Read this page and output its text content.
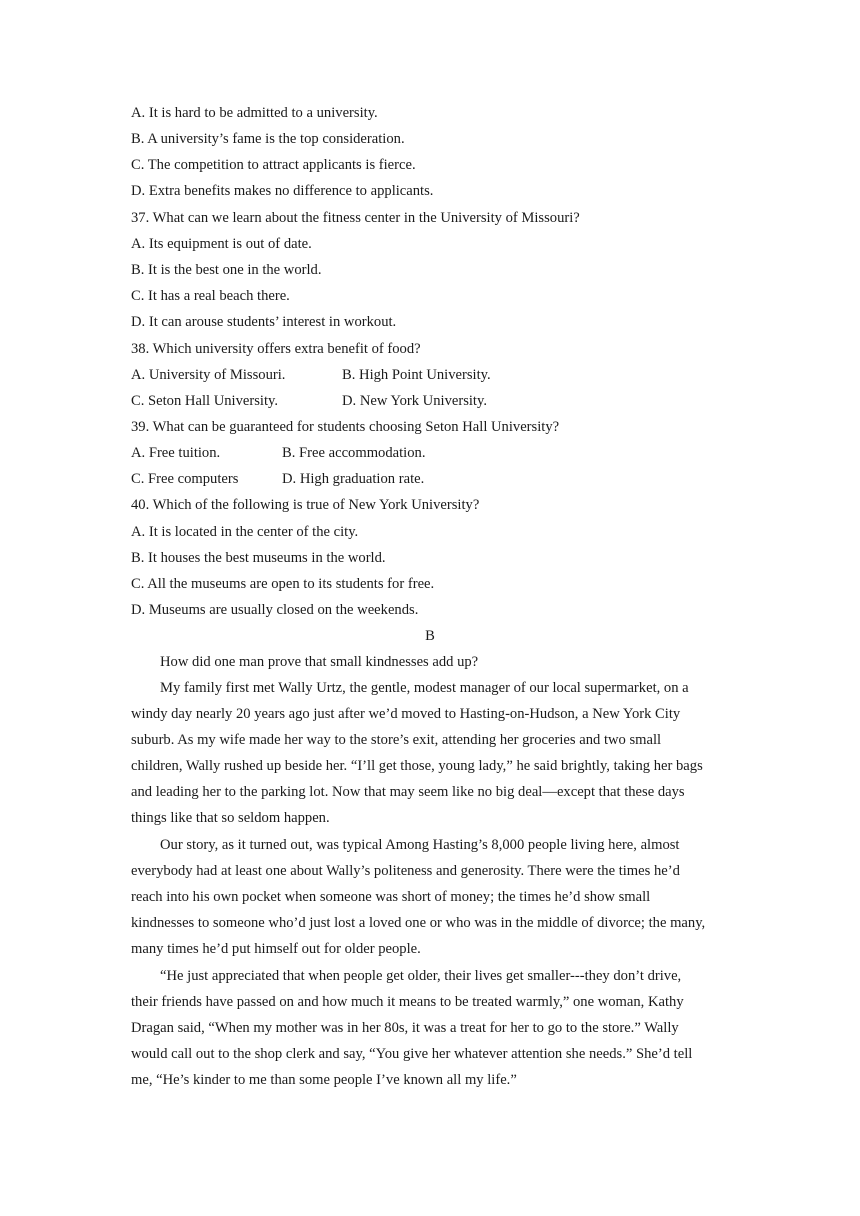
A. It is hard to be admitted to a university.
B. A university’s fame is the top consideration.
C. The competition to attract applicants is fierce.
D. Extra benefits makes no difference to applicants.
37. What can we learn about the fitness center in the University of Missouri?
A. Its equipment is out of date.
B. It is the best one in the world.
C. It has a real beach there.
D. It can arouse students’ interest in workout.
38. Which university offers extra benefit of food?
A. University of Missouri.	B. High Point University.
C. Seton Hall University.	D. New York University.
39. What can be guaranteed for students choosing Seton Hall University?
A. Free tuition.	B. Free accommodation.
C. Free computers	D. High graduation rate.
40. Which of the following is true of New York University?
A. It is located in the center of the city.
B. It houses the best museums in the world.
C. All the museums are open to its students for free.
D. Museums are usually closed on the weekends.
B
How did one man prove that small kindnesses add up?
My family first met Wally Urtz, the gentle, modest manager of our local supermarket, on a
windy day nearly 20 years ago just after we’d moved to Hasting-on-Hudson, a New York City
suburb. As my wife made her way to the store’s exit, attending her groceries and two small
children, Wally rushed up beside her. “I’ll get those, young lady,” he said brightly, taking her bags
and leading her to the parking lot. Now that may seem like no big deal—except that these days
things like that so seldom happen.
Our story, as it turned out, was typical Among Hasting’s 8,000 people living here, almost
everybody had at least one about Wally’s politeness and generosity. There were the times he’d
reach into his own pocket when someone was short of money; the times he’d show small
kindnesses to someone who’d just lost a loved one or who was in the middle of divorce; the many,
many times he’d put himself out for older people.
“He just appreciated that when people get older, their lives get smaller---they don’t drive,
their friends have passed on and how much it means to be treated warmly,” one woman, Kathy
Dragan said, “When my mother was in her 80s, it was a treat for her to go to the store.” Wally
would call out to the shop clerk and say, “You give her whatever attention she needs.” She’d tell
me, “He’s kinder to me than some people I’ve known all my life.”
